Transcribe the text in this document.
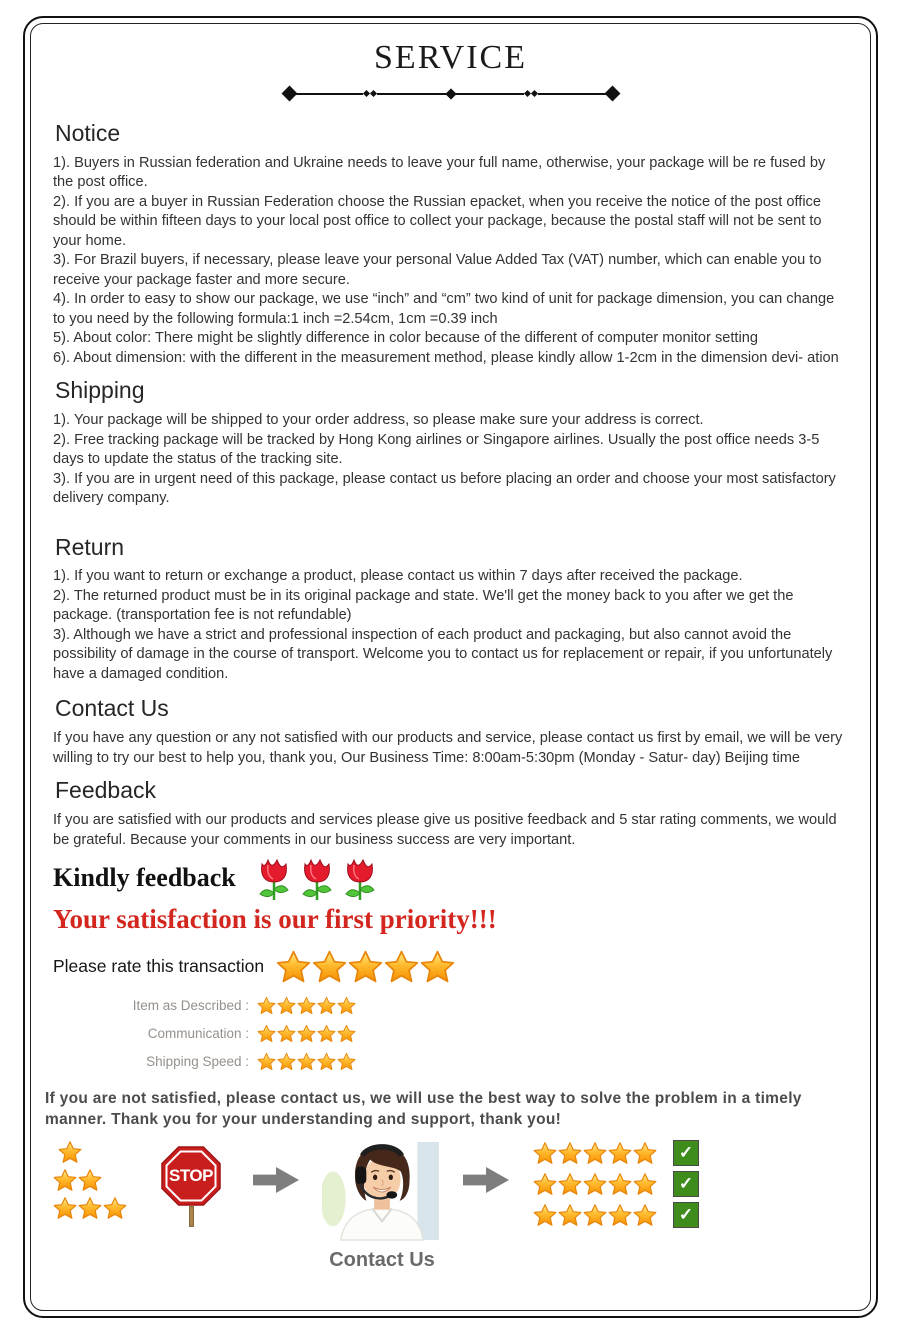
SERVICE
Notice

1). Buyers in Russian federation and Ukraine needs to leave your full name, otherwise, your package will be re fused by the post office.

2). If you are a buyer in Russian Federation choose the Russian epacket, when you receive the notice of the post office should be within fifteen days to your local post office to collect your package, because the postal staff will not be sent to your home.

3). For Brazil buyers, if necessary, please leave your personal Value Added Tax (VAT) number, which can enable you to receive your package faster and more secure.

4). In order to easy to show our package, we use “inch” and “cm” two kind of unit for package dimension, you can change to you need by the following formula:1 inch =2.54cm, 1cm =0.39 inch

5). About color: There might be slightly difference in color because of the different of computer monitor setting

6). About dimension: with the different in the measurement method, please kindly allow 1-2cm in the dimension devi- ation

Shipping

1). Your package will be shipped to your order address, so please make sure your address is correct.

2). Free tracking package will be tracked by Hong Kong airlines or Singapore airlines. Usually the post office needs 3-5 days to update the status of the tracking site.

3). If you are in urgent need of this package, please contact us before placing an order and choose your most satisfactory delivery company.

Return

1). If you want to return or exchange a product, please contact us within 7 days after received the package.

2). The returned product must be in its original package and state. We'll get the money back to you after we get the package. (transportation fee is not refundable)

3). Although we have a strict and professional inspection of each product and packaging, but also cannot avoid the possibility of damage in the course of transport. Welcome you to contact us for replacement or repair, if you unfortunately have a damaged condition.

Contact Us

If you have any question or any not satisfied with our products and service, please contact us first by email, we will be very willing to try our best to help you, thank you, Our Business Time: 8:00am-5:30pm (Monday - Satur- day) Beijing time

Feedback

If you are satisfied with our products and services please give us positive feedback and 5 star rating comments, we would be grateful. Because your comments in our business success are very important.

Kindly feedback
Your satisfaction is our first priority!!!
Please rate this transaction
Item as Described :
Communication :
Shipping Speed :

If you are not satisfied, please contact us, we will use the best way to solve the problem in a timely manner. Thank you for your understanding and support, thank you!

STOP
Contact Us
✓
✓
✓
